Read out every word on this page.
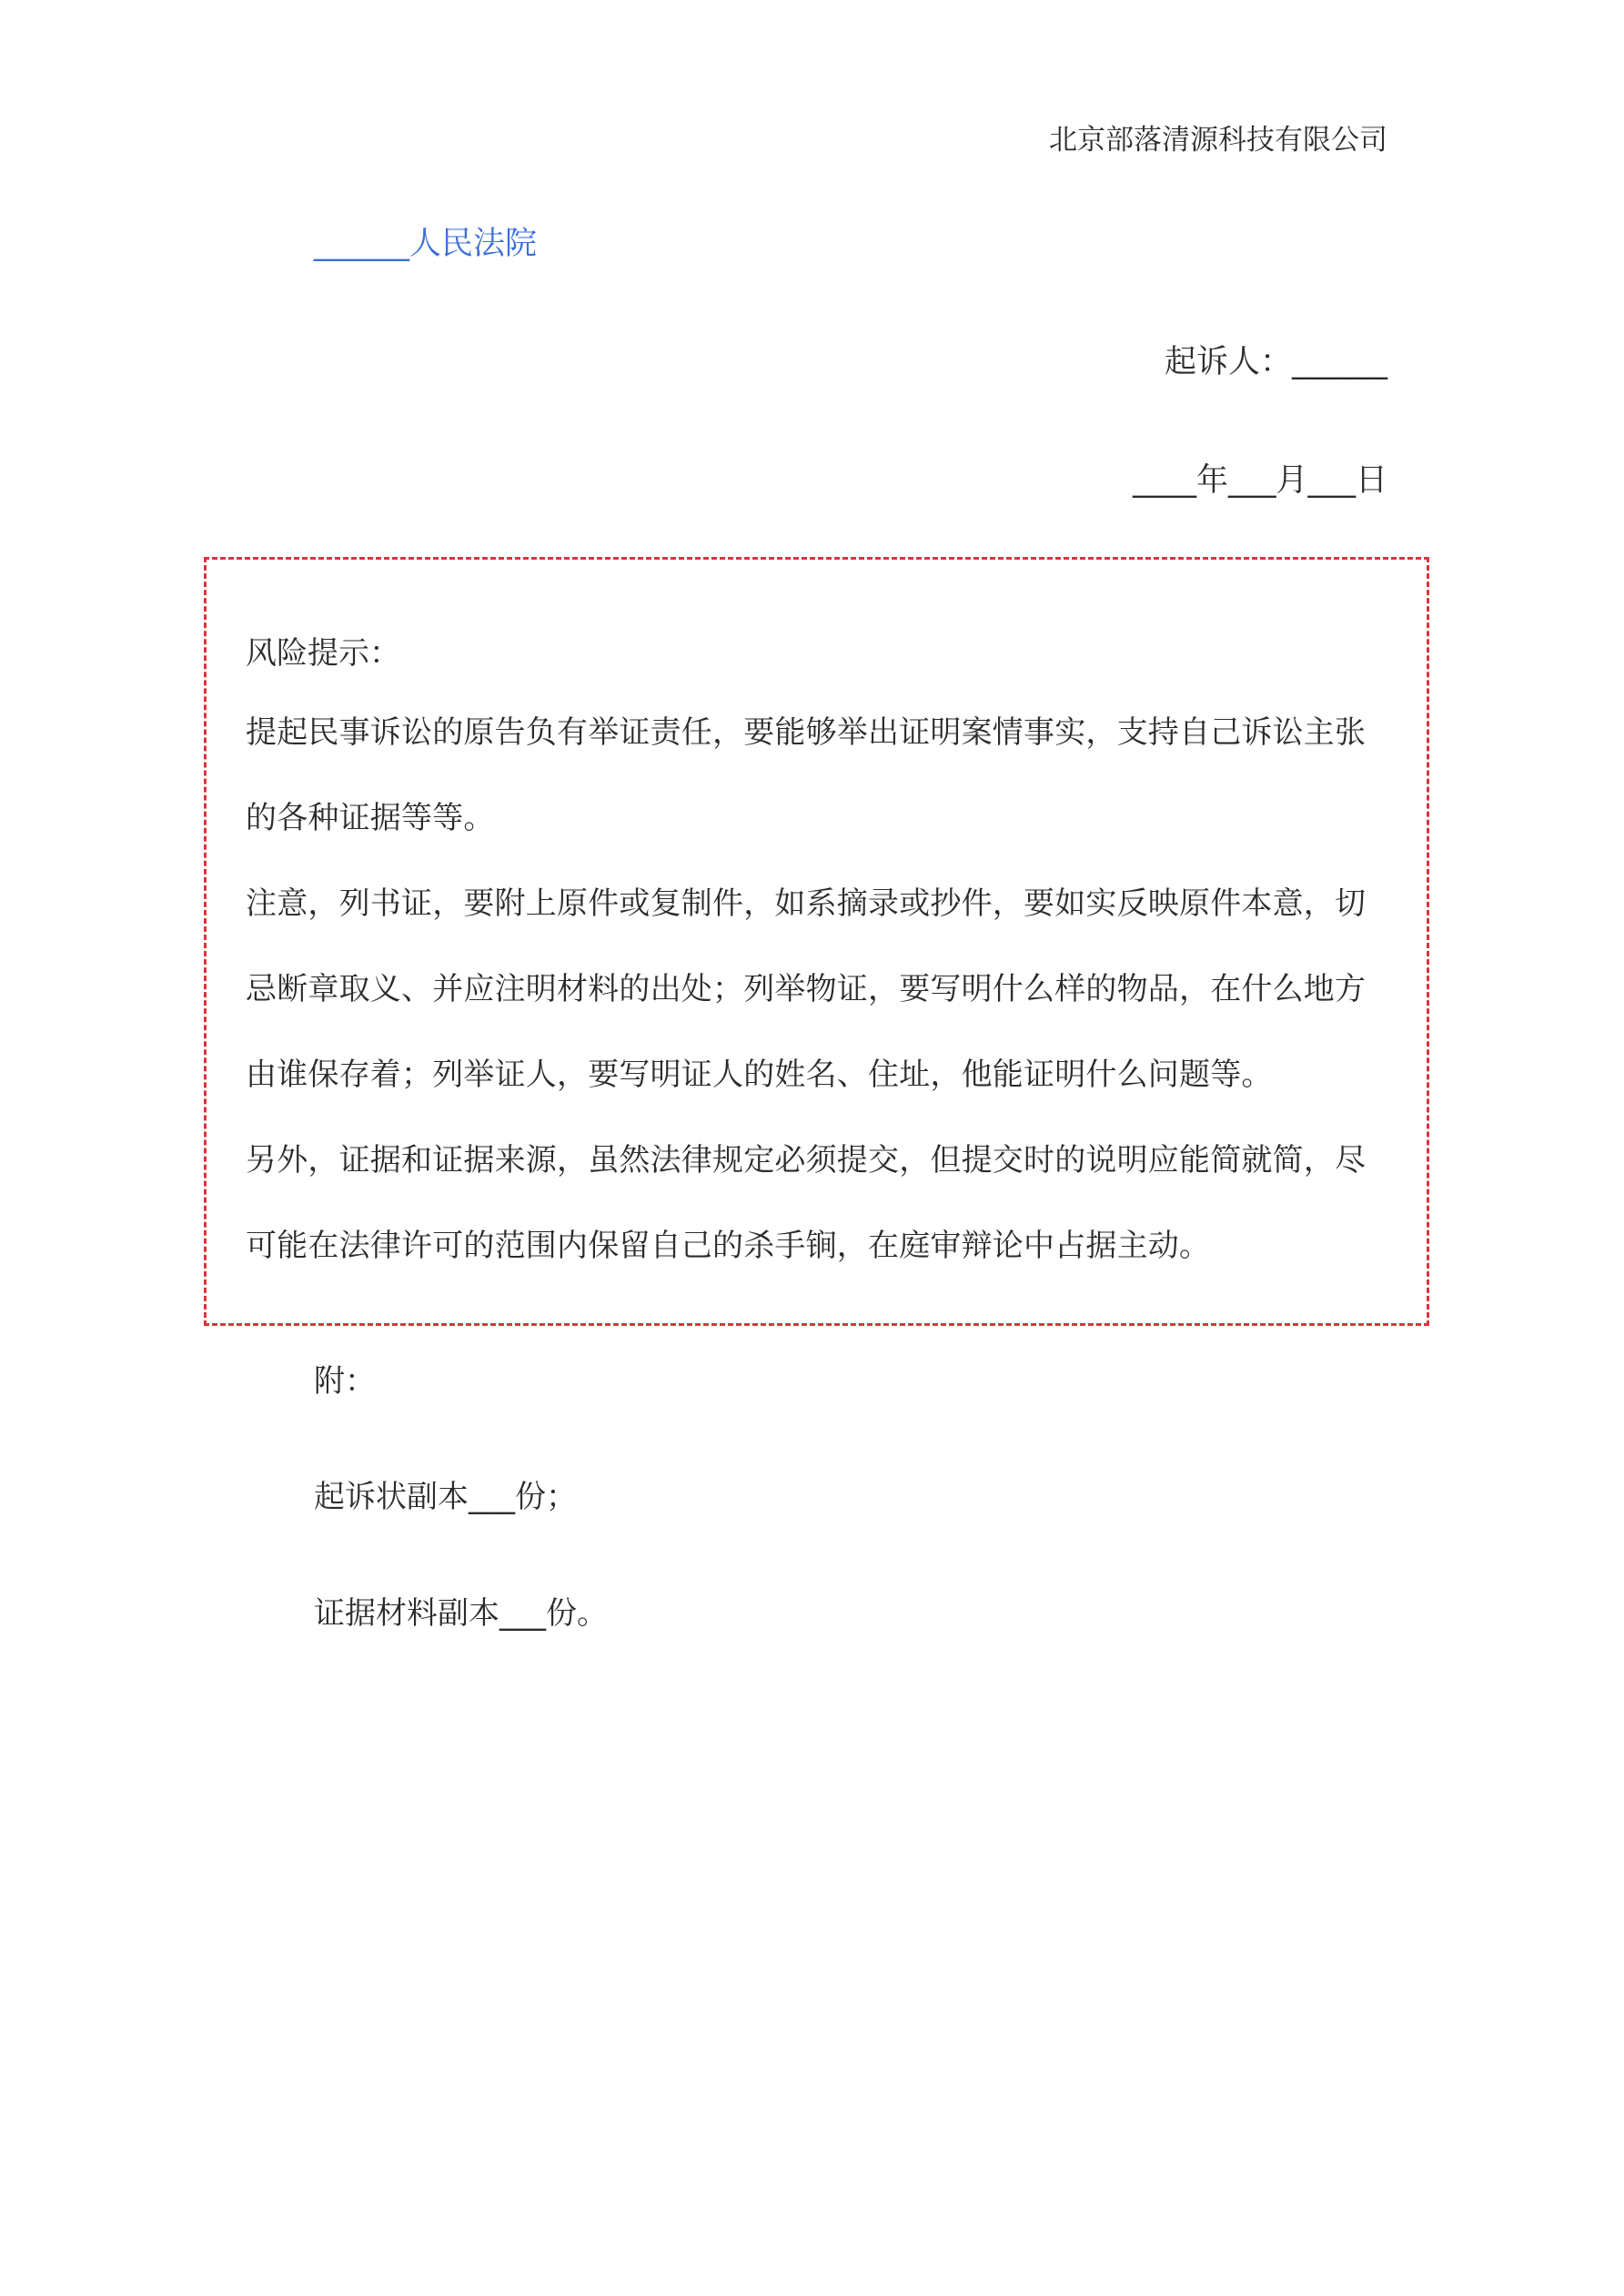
北京部落清源科技有限公司
______人民法院
起诉人：______
____年___月___日
风险提示：
提起民事诉讼的原告负有举证责任，要能够举出证明案情事实，支持自己诉讼主张的各种证据等等。
注意，列书证，要附上原件或复制件，如系摘录或抄件，要如实反映原件本意，切忌断章取义、并应注明材料的出处；列举物证，要写明什么样的物品，在什么地方由谁保存着；列举证人，要写明证人的姓名、住址，他能证明什么问题等。
另外，证据和证据来源，虽然法律规定必须提交，但提交时的说明应能简就简，尽可能在法律许可的范围内保留自己的杀手锏，在庭审辩论中占据主动。
附：
起诉状副本___份；
证据材料副本___份。
